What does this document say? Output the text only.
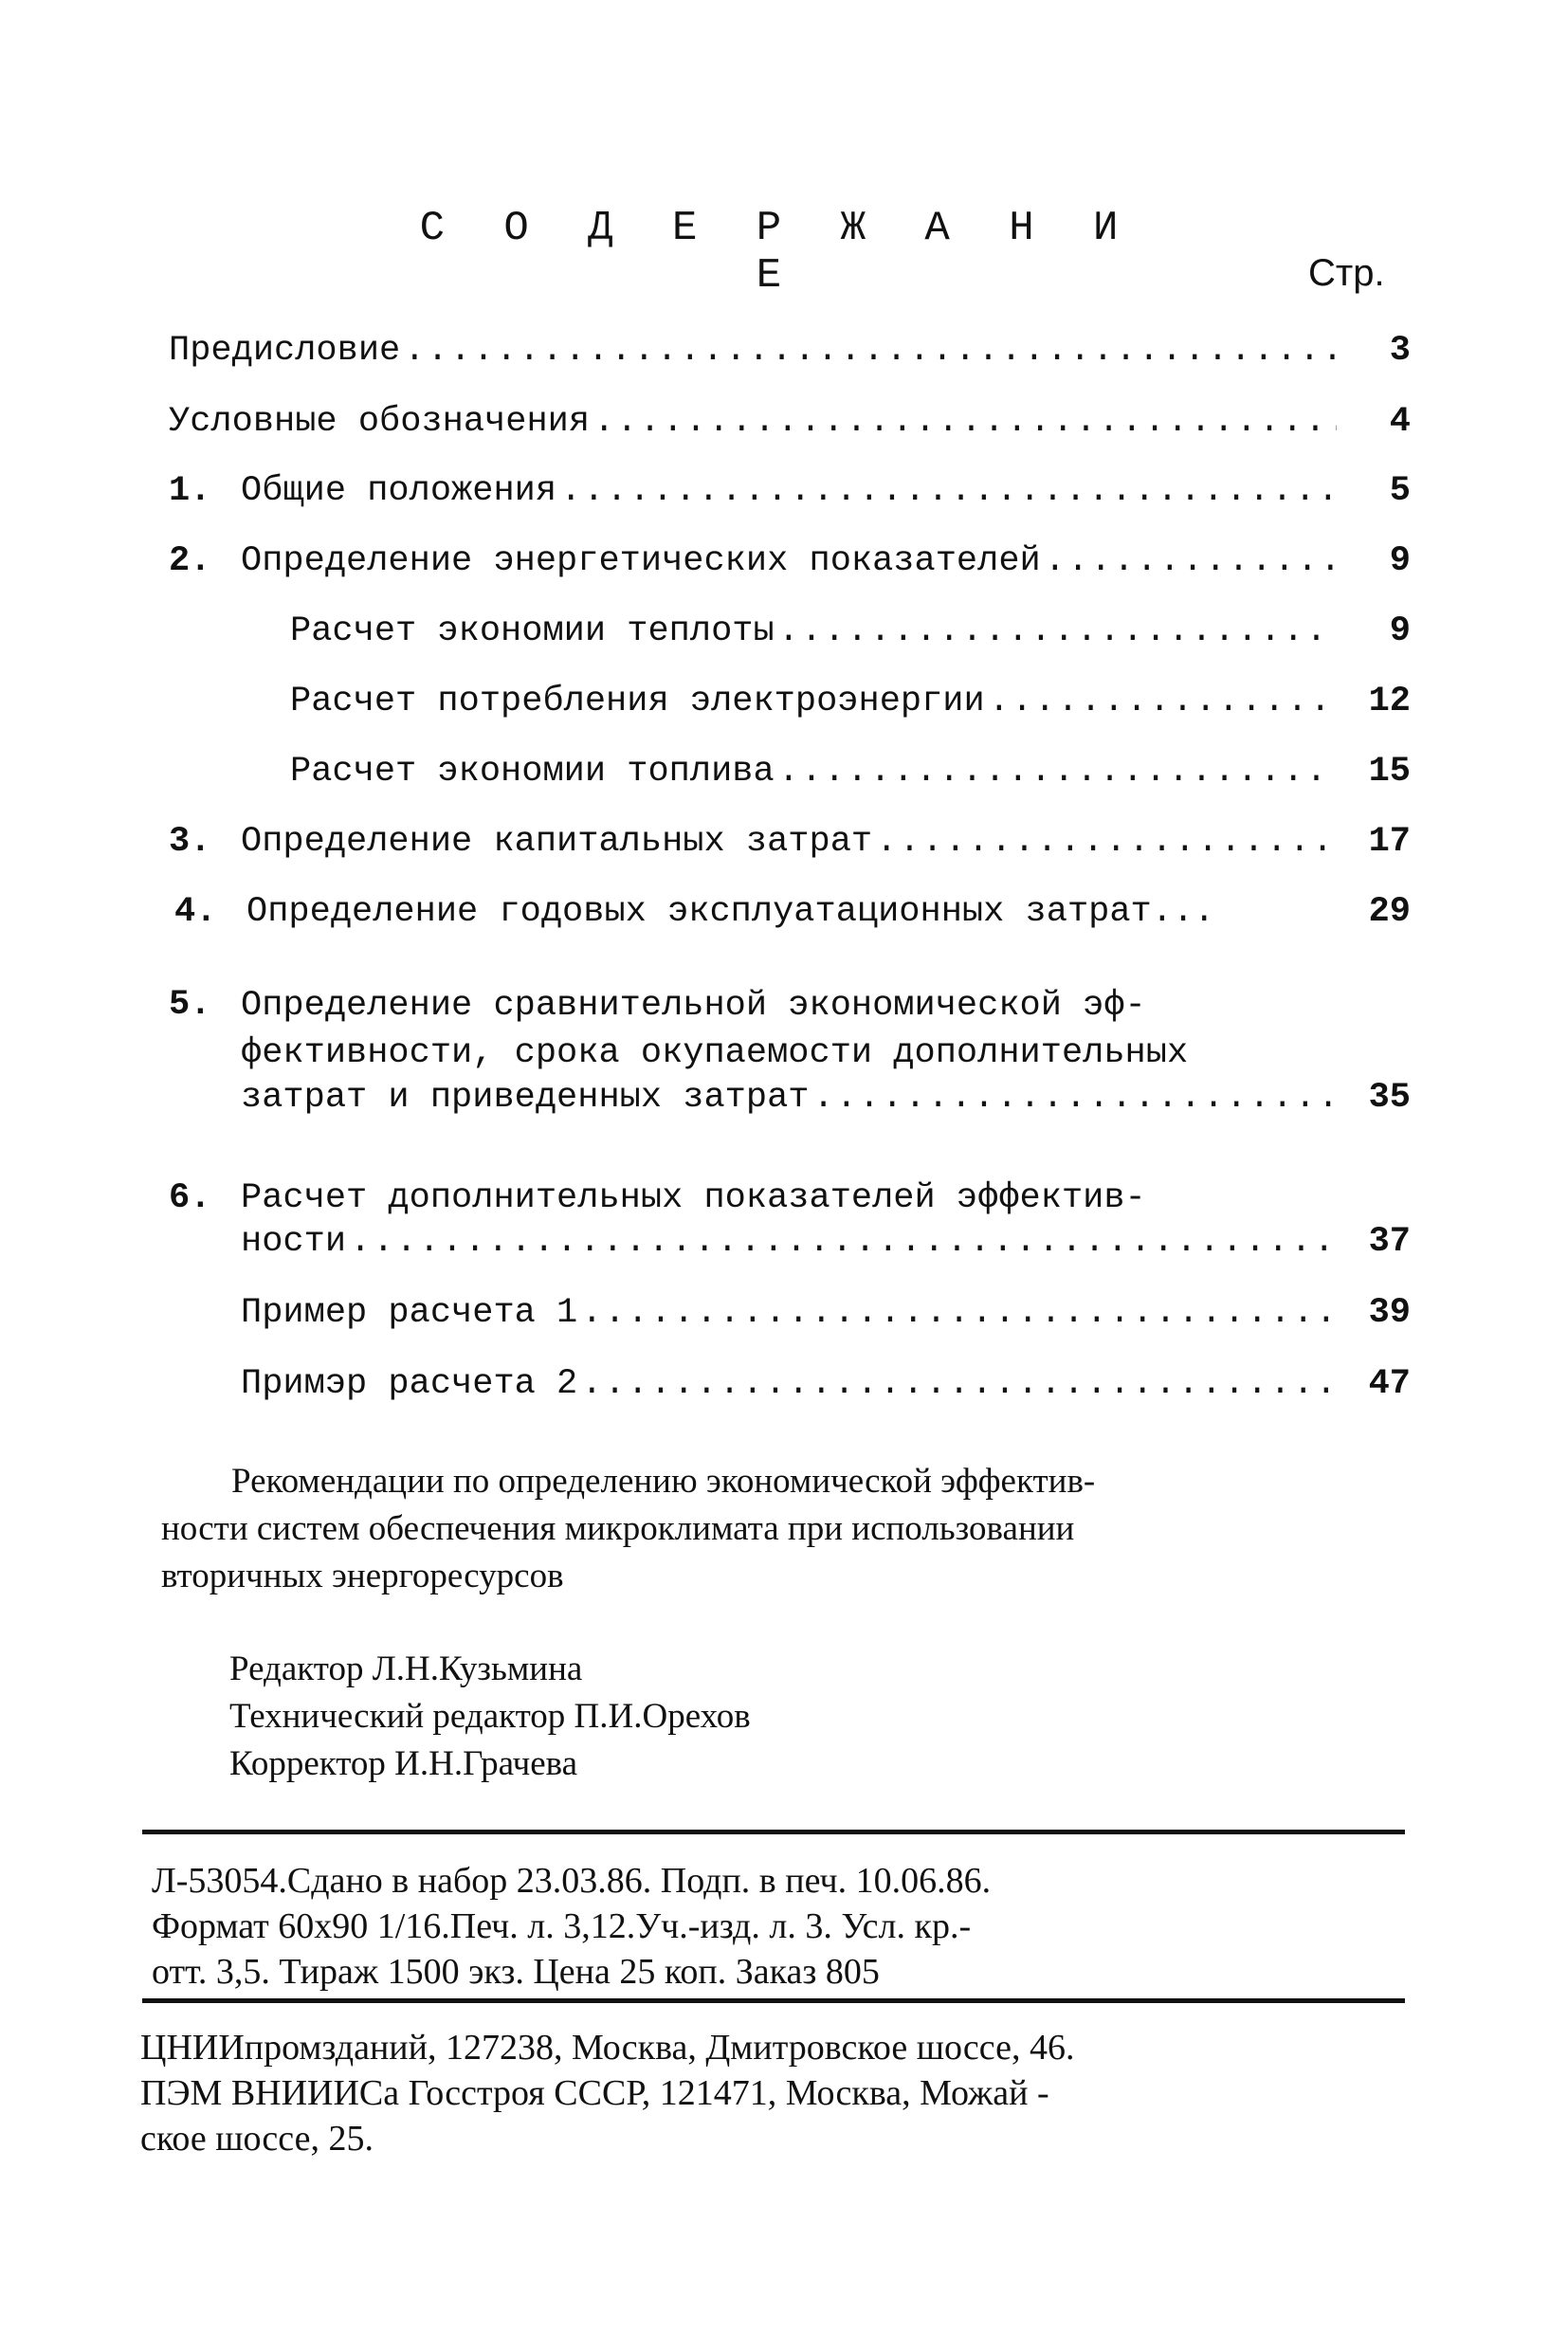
С О Д Е Р Ж А Н И Е	Стр.
Предисловие .....	3
Условные обозначения .....	4
1. Общие положения .....	5
2. Определение энергетических показателей .....	9
Расчет экономии теплоты .....	9
Расчет потребления электроэнергии .....	12
Расчет экономии топлива .....	15
3. Определение капитальных затрат .....	17
4. Определение годовых эксплуатационных затрат...	29
5. Определение сравнительной экономической эф-
фективности, срока окупаемости дополнительных
затрат и приведенных затрат .....	35
6. Расчет дополнительных показателей эффектив-
ности .....	37
Пример расчета 1 .....	39
Примэр расчета 2 .....	47
Рекомендации по определению экономической эффектив-
ности систем обеспечения микроклимата при использовании
вторичных энергоресурсов
Редактор Л.Н.Кузьмина
Технический редактор П.И.Орехов
Корректор И.Н.Грачева
Л-53054.Сдано в набор 23.03.86. Подп. в печ. 10.06.86.
Формат 60х90 1/16.Печ. л. 3,12.Уч.-изд. л. 3. Усл. кр.-
отт. 3,5. Тираж 1500 экз. Цена 25 коп. Заказ 805
ЦНИИпромзданий, 127238, Москва, Дмитровское шоссе, 46.
ПЭМ ВНИИИСа Госстроя СССР, 121471, Москва, Можай -
ское шоссе, 25.
